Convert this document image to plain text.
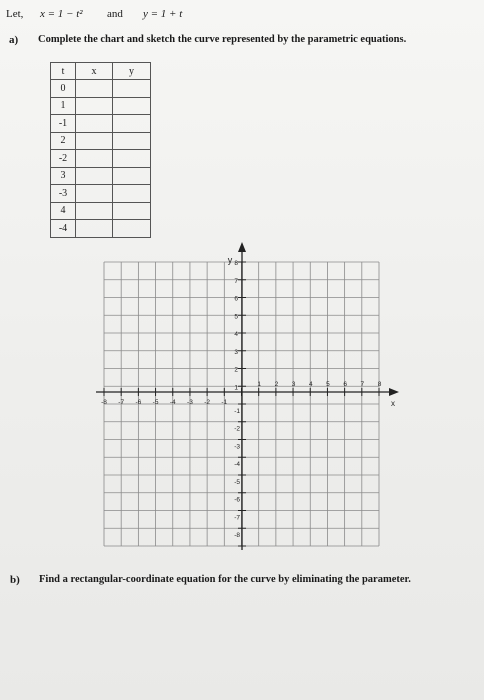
Let, x = 1 − t² and y = 1 + t
a) Complete the chart and sketch the curve represented by the parametric equations.
t	x	y
0		
1		
-1		
2		
-2		
3		
-3		
4		
-4		
-8 -7 -6 -5 -4 -3 -2 -1
1 2 3 4 5 6 7 8
8
7
6
5
4
3
2
1
-1
-2
-3
-4
-5
-6
-7
-8
x
y
b) Find a rectangular-coordinate equation for the curve by eliminating the parameter.
